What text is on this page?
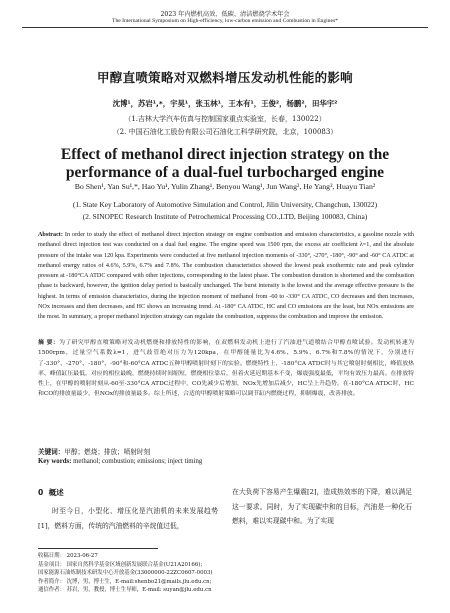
2023 年内燃机高效、低碳、清洁燃烧学术年会
The International Symposium on High-efficiency, low-carbon emission and Combustion in Engines*
甲醇直喷策略对双燃料增压发动机性能的影响
沈博¹，苏岩¹,*，宇昊¹，张玉林¹，王本有¹，王俊²，杨鹏²，田华宇²
（1.吉林大学汽车仿真与控制国家重点实验室，长春，130022）
（2. 中国石油化工股份有限公司石油化工科学研究院，北京，100083）
Effect of methanol direct injection strategy on the
performance of a dual-fuel turbocharged engine
Bo Shen¹, Yan Su¹,*, Hao Yu¹, Yulin Zhang¹, Benyou Wang¹, Jun Wang², He Yang², Huayu Tian²
(1. State Key Laboratory of Automotive Simulation and Control, Jilin University, Changchun, 130022)
(2. SINOPEC Research Institute of Petrochemical Processing CO.,LTD, Beijing 100083, China)
Abstract: In order to study the effect of methanol direct injection strategy on engine combustion and emission characteristics, a gasoline nozzle with methanol direct injection test was conducted on a dual fuel engine. The engine speed was 1500 rpm, the excess air coefficient λ=1, and the absolute pressure of the intake was 120 kpa. Experiments were conducted at five methanol injection moments of -330°, -270°, -180°, -90° and -60° CA ATDC at methanol energy ratios of 4.6%, 5.9%, 6.7% and 7.8%. The combustion characteristics showed the lowest peak exothermic rate and peak cylinder pressure at -180°CA ATDC compared with other injections, corresponding to the latest phase. The combustion duration is shortened and the combustion phase is backward, however, the ignition delay period is basically unchanged. The burst intensity is the lowest and the average effective pressure is the highest. In terms of emission characteristics, during the injection moment of methanol from -60 to -330° CA ATDC, CO decreases and then increases, NOx increases and then decreases, and HC shows an increasing trend. At -180° CA ATDC, HC and CO emissions are the least, but NOx emissions are the most. In summary, a proper methanol injection strategy can regulate the combustion, suppress the combustion and improve the emission.
摘 要：为了研究甲醇直喷策略对发动机燃烧和排放特性的影响，在双燃料发动机上进行了汽油进气道喷结合甲醇直喷试验。发动机转速为1500rpm，过量空气系数λ=1，进气歧管绝对压力为120kpa，在甲醇能量比为4.6%、5.9%、6.7%和7.8%的情况下，分别进行了-330°、-270°、-180°、-90°和-60°CA ATDC五种甲醇喷射时刻下的实验。燃烧特性上，-180°CA ATDC时与其它喷射时刻相比，峰值放热率、峰值缸压最低，对应的相位最晚，燃烧持续时间缩短，燃烧相位靠后，但着火延迟期基本不变，爆震强度最低，平均有效压力最高。在排放特性上，在甲醇的喷射时刻从-60至-330°CA ATDC过程中，CO先减少后增加，NOx先增加后减少，HC呈上升趋势，在-180°CA ATDC时，HC和CO的排放量最少，但NOx的排放量最多。综上所述，合适的甲醇喷射策略可以调节缸内燃烧过程，抑制爆震，改善排放。
关键词：甲醇；燃烧；排放；喷射时刻
Key words: methanol; combustion; emissions; inject timing
0 概述
时至今日，小型化、增压化是汽油机的未来发展趋势[1]，燃料方面，传统的汽油燃料的辛烷值过低，
在大负荷下容易产生爆震[2]，造成热效率的下降，难以满足这一要求。同时，为了实现碳中和的目标，汽油是一种化石燃料，难以实现碳中和。为了实现
收稿日期： 2023-06-27
基金项目： 国家自然科学基金区域创新发展联合基金(U21A20166)；
国家能源石油炼制技术研发中心开放基金(33600000-22ZC0607-0003)
作者简介： 沈博，男，博士生，E-mail:shenbo21@mails.jlu.edu.cn;
通信作者： 苏岩，男，教授，博士生导师，E-mail: suyan@jlu.edu.cn
